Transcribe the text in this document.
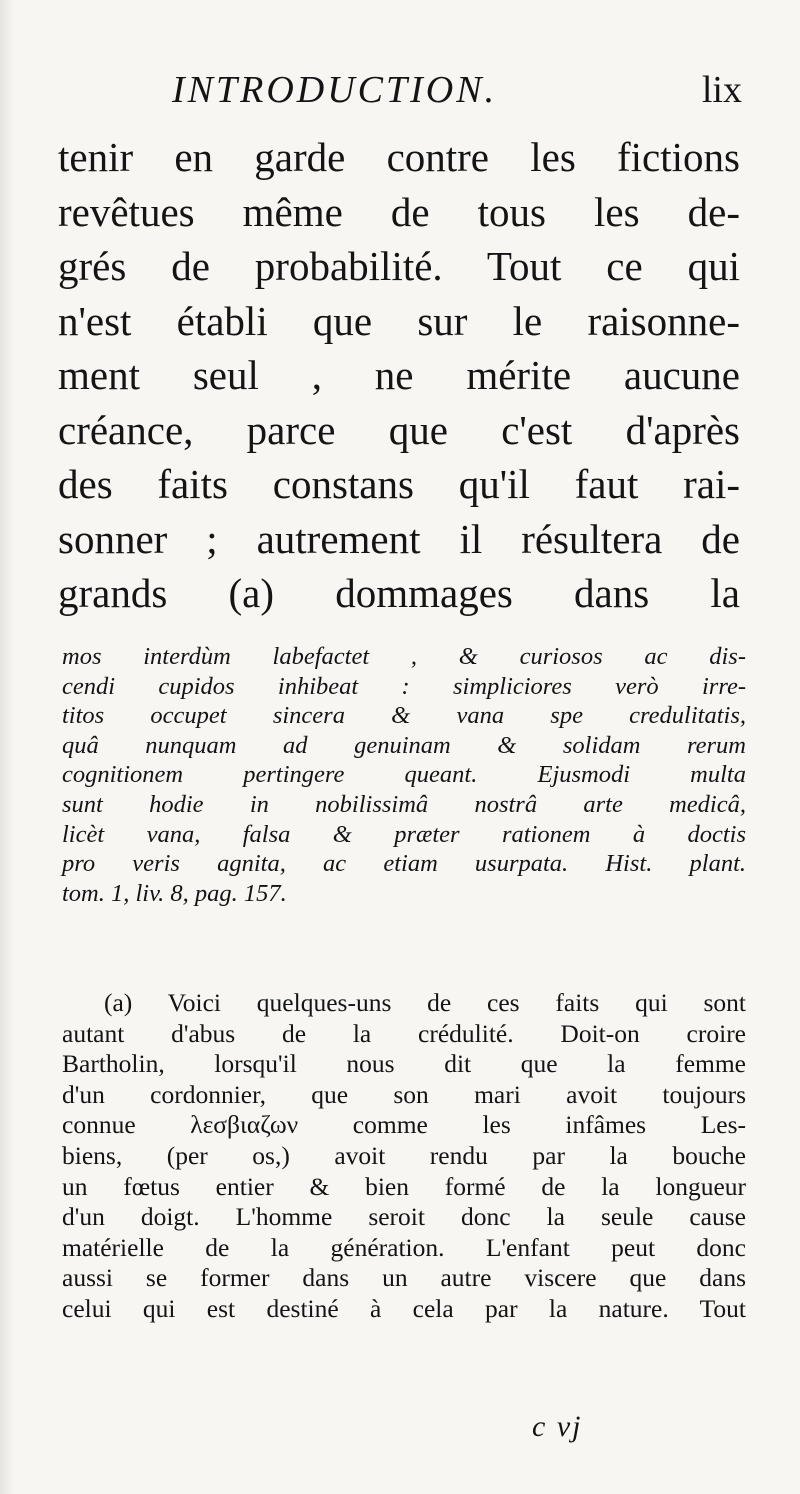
INTRODUCTION.	lix
tenir en garde contre les fictions
revêtues même de tous les de-
grés de probabilité. Tout ce qui
n'est établi que sur le raisonne-
ment seul , ne mérite aucune
créance, parce que c'est d'après
des faits constans qu'il faut rai-
sonner ; autrement il résultera de
grands (a) dommages dans la
mos interdùm labefactet , & curiosos ac dis-
cendi cupidos inhibeat : simpliciores verò irre-
titos occupet sincera & vana spe credulitatis,
quâ nunquam ad genuinam & solidam rerum
cognitionem pertingere queant. Ejusmodi multa
sunt hodie in nobilissimâ nostrâ arte medicâ,
licèt vana, falsa & præter rationem à doctis
pro veris agnita, ac etiam usurpata. Hist. plant.
tom. 1, liv. 8, pag. 157.
(a) Voici quelques-uns de ces faits qui sont
autant d'abus de la crédulité. Doit-on croire
Bartholin, lorsqu'il nous dit que la femme
d'un cordonnier, que son mari avoit toujours
connue λεσβιαζων comme les infâmes Les-
biens, (per os,) avoit rendu par la bouche
un fœtus entier & bien formé de la longueur
d'un doigt. L'homme seroit donc la seule cause
matérielle de la génération. L'enfant peut donc
aussi se former dans un autre viscere que dans
celui qui est destiné à cela par la nature. Tout
c vj
